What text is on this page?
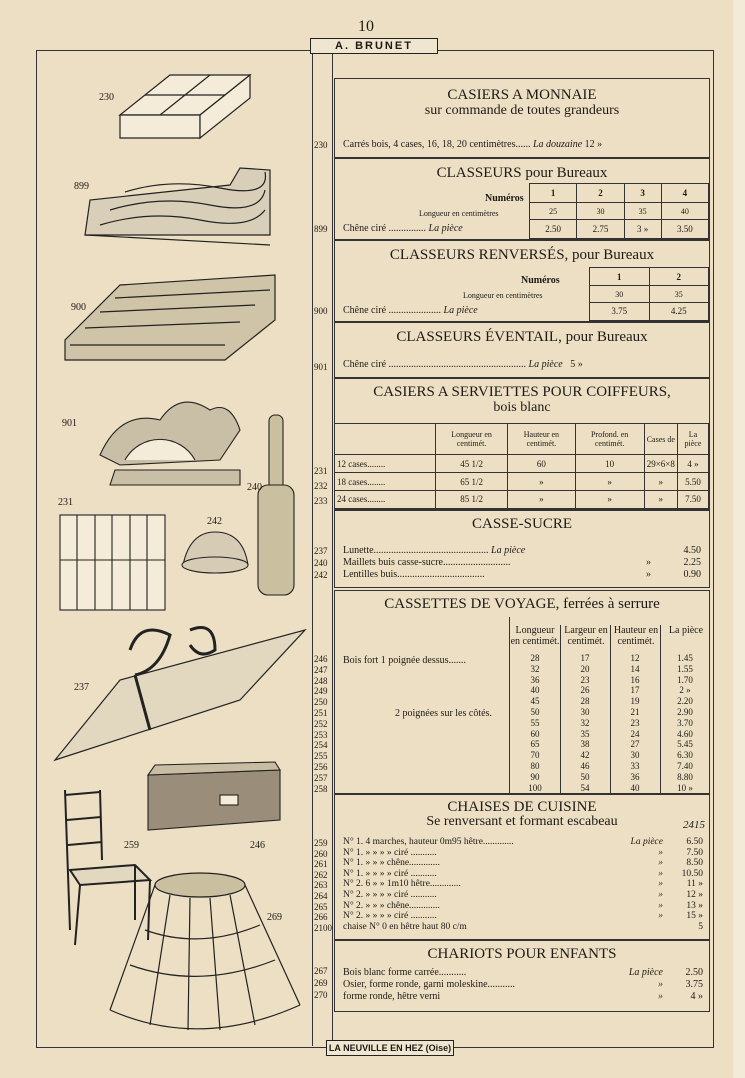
10
A. BRUNET
LA NEUVILLE EN HEZ (Oise)
230
899
900
901
231
242
240
237
259	246
269
CASIERS A MONNAIE
sur commande de toutes grandeurs
Carrés bois, 4 cases, 16, 18, 20 centimètres...... La douzaine 12 »
230
CLASSEURS pour Bureaux
Numéros
Longueur en centimètres
Chêne ciré ............... La pièce
1	2	3	4
25	30	35	40
2.50	2.75	3 »	3.50
899
CLASSEURS RENVERSÉS, pour Bureaux
Numéros
Longueur en centimètres
Chêne ciré ..................... La pièce
1	2
30	35
3.75	4.25
900
CLASSEURS ÉVENTAIL, pour Bureaux
Chêne ciré ....................................................... La pièce 5 »
901
CASIERS A SERVIETTES POUR COIFFEURS,
bois blanc
	Longueur en centimét.	Hauteur en centimét.	Profond. en centimét.	Cases de	La pièce
12 cases........	45 1/2	60	10	29×6×8	4 »
18 cases........	65 1/2	»	»	»	5.50
24 cases........	85 1/2	»	»	»	7.50
231
232
233
CASSE-SUCRE
Lunette.............................................. La pièce	4.50
Maillets buis casse-sucre...........................	»	2.25
Lentilles buis...................................	»	0.90
237
240
242
CASSETTES DE VOYAGE, ferrées à serrure
Bois fort 1 poignée dessus.......
2 poignées sur les côtés.
Longueur en centimét.
Largeur en centimét.
Hauteur en centimét.
La pièce
28	17	12	1.45
32	20	14	1.55
36	23	16	1.70
40	26	17	2 »
45	28	19	2.20
50	30	21	2.90
55	32	23	3.70
60	35	24	4.60
65	38	27	5.45
70	42	30	6.30
80	46	33	7.40
90	50	36	8.80
100	54	40	10 »
246
247
248
249
250
251
252
253
254
255
256
257
258
CHAISES DE CUISINE
Se renversant et formant escabeau	2415
N° 1. 4 marches, hauteur 0m95 hêtre.............	La pièce 6.50
N° 1. » » » » ciré ...........	» 7.50
N° 1. » » » chêne.............	» 8.50
N° 1. » » » » ciré ...........	» 10.50
N° 2. 6 » » 1m10 hêtre.............	» 11 »
N° 2. » » » » ciré ...........	» 12 »
N° 2. » » » chêne.............	» 13 »
N° 2. » » » » ciré ...........	» 15 »
chaise N° 0 en hêtre haut 80 c/m	5
259
260
261
262
263
264
265
266
2100
CHARIOTS POUR ENFANTS
Bois blanc forme carrée...........	La pièce 2.50
Osier, forme ronde, garni moleskine...........	» 3.75
forme ronde, hêtre verni	»	4 »
267
269
270
